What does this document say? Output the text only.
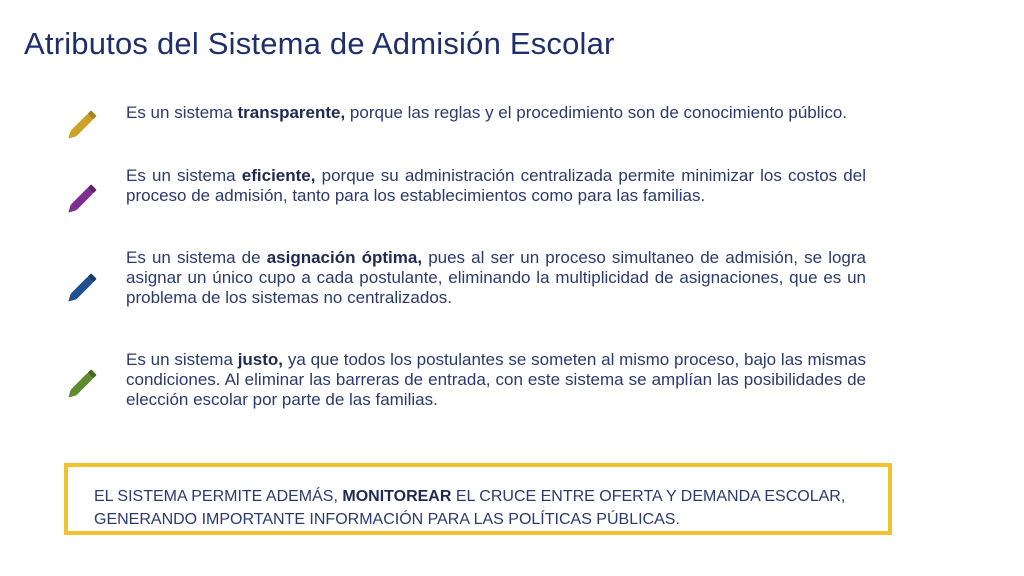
Atributos del Sistema de Admisión Escolar

Es un sistema transparente, porque las reglas y el procedimiento son de conocimiento público.

Es un sistema eficiente, porque su administración centralizada permite minimizar los costos del proceso de admisión, tanto para los establecimientos como para las familias.

Es un sistema de asignación óptima, pues al ser un proceso simultaneo de admisión, se logra asignar un único cupo a cada postulante, eliminando la multiplicidad de asignaciones, que es un problema de los sistemas no centralizados.

Es un sistema justo, ya que todos los postulantes se someten al mismo proceso, bajo las mismas condiciones. Al eliminar las barreras de entrada, con este sistema se amplían las posibilidades de elección escolar por parte de las familias.

EL SISTEMA PERMITE ADEMÁS, MONITOREAR EL CRUCE ENTRE OFERTA Y DEMANDA ESCOLAR, GENERANDO IMPORTANTE INFORMACIÓN PARA LAS POLÍTICAS PÚBLICAS.
